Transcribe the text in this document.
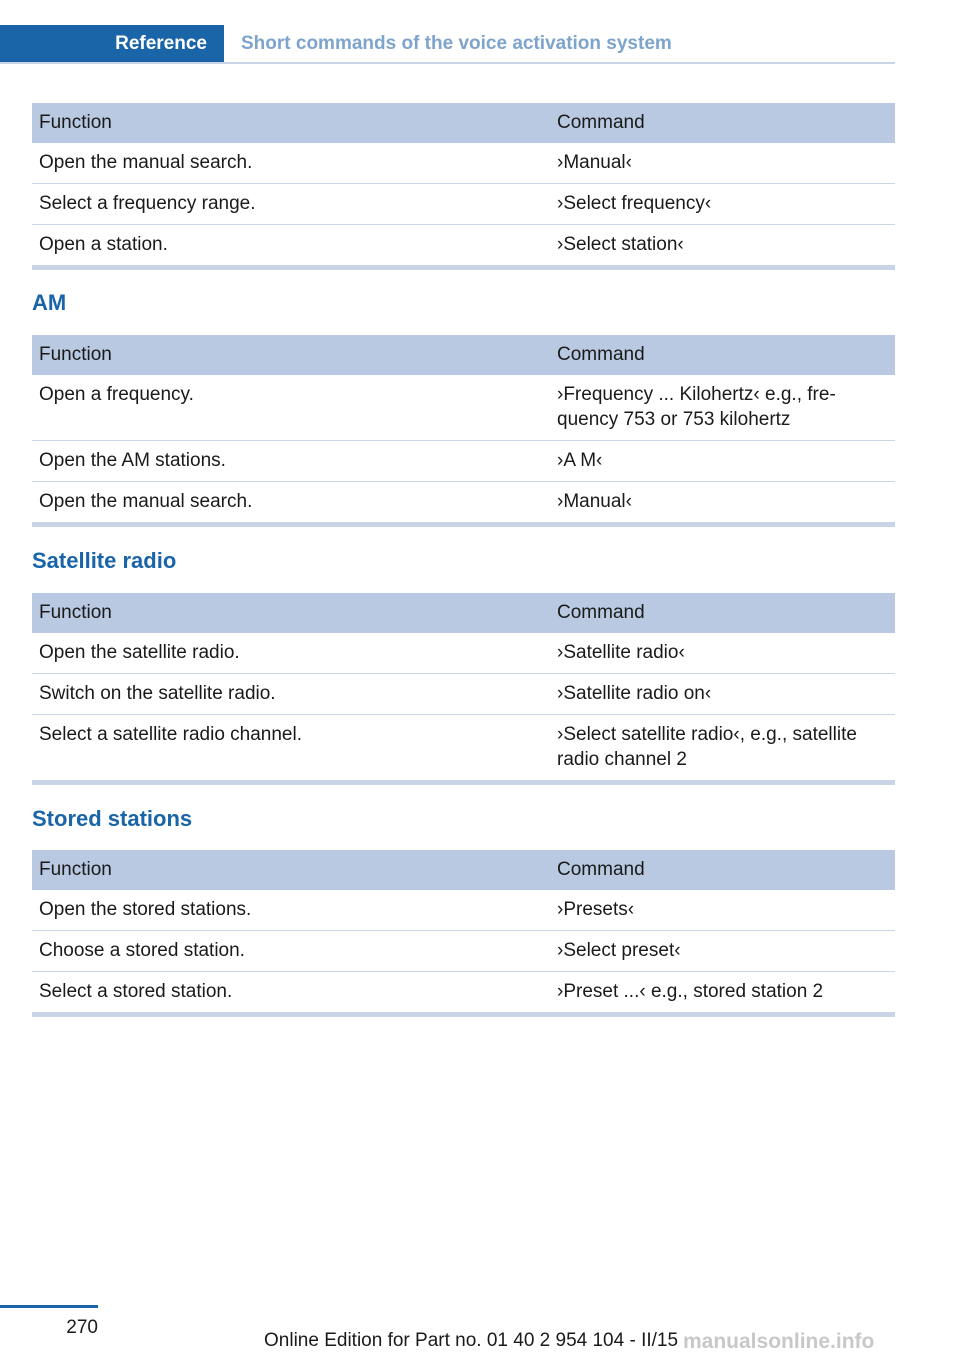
Reference	Short commands of the voice activation system
Function	Command
Open the manual search.	›Manual‹
Select a frequency range.	›Select frequency‹
Open a station.	›Select station‹
AM
Function	Command
Open a frequency.	›Frequency ... Kilohertz‹ e.g., fre- quency 753 or 753 kilohertz
Open the AM stations.	›A M‹
Open the manual search.	›Manual‹
Satellite radio
Function	Command
Open the satellite radio.	›Satellite radio‹
Switch on the satellite radio.	›Satellite radio on‹
Select a satellite radio channel.	›Select satellite radio‹, e.g., satellite radio channel 2
Stored stations
Function	Command
Open the stored stations.	›Presets‹
Choose a stored station.	›Select preset‹
Select a stored station.	›Preset ...‹ e.g., stored station 2
270
Online Edition for Part no. 01 40 2 954 104 - II/15 manualsonline.info
